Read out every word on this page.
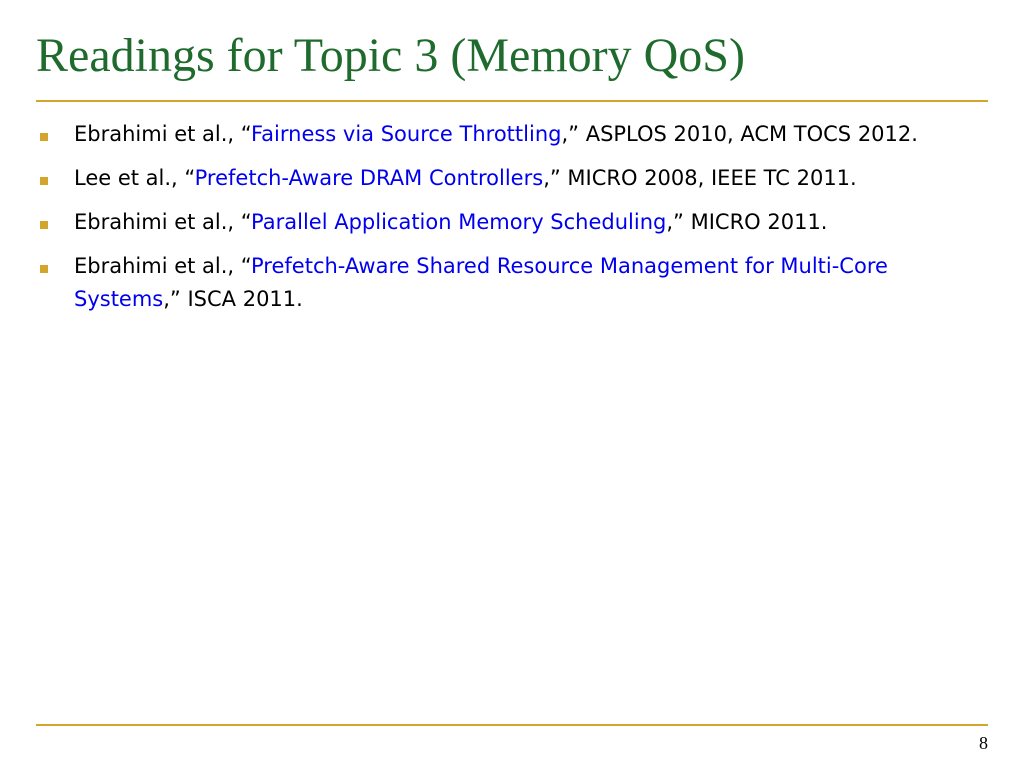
Readings for Topic 3 (Memory QoS)
Ebrahimi et al., “Fairness via Source Throttling,” ASPLOS 2010, ACM TOCS 2012.
Lee et al., “Prefetch-Aware DRAM Controllers,” MICRO 2008, IEEE TC 2011.
Ebrahimi et al., “Parallel Application Memory Scheduling,” MICRO 2011.
Ebrahimi et al., “Prefetch-Aware Shared Resource Management for Multi-Core Systems,” ISCA 2011.
8
